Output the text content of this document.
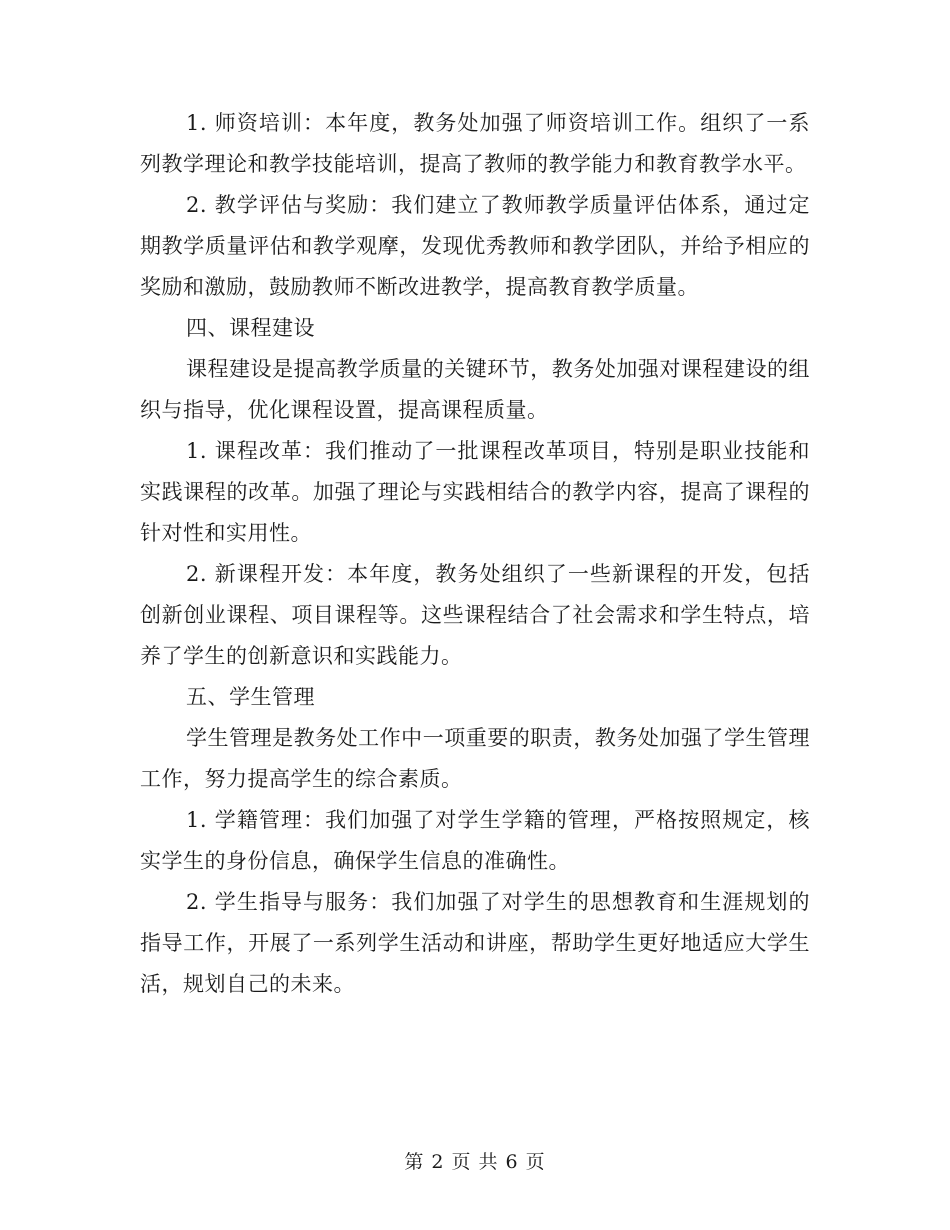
1. 师资培训：本年度，教务处加强了师资培训工作。组织了一系列教学理论和教学技能培训，提高了教师的教学能力和教育教学水平。

2. 教学评估与奖励：我们建立了教师教学质量评估体系，通过定期教学质量评估和教学观摩，发现优秀教师和教学团队，并给予相应的奖励和激励，鼓励教师不断改进教学，提高教育教学质量。

四、课程建设

课程建设是提高教学质量的关键环节，教务处加强对课程建设的组织与指导，优化课程设置，提高课程质量。

1. 课程改革：我们推动了一批课程改革项目，特别是职业技能和实践课程的改革。加强了理论与实践相结合的教学内容，提高了课程的针对性和实用性。

2. 新课程开发：本年度，教务处组织了一些新课程的开发，包括创新创业课程、项目课程等。这些课程结合了社会需求和学生特点，培养了学生的创新意识和实践能力。

五、学生管理

学生管理是教务处工作中一项重要的职责，教务处加强了学生管理工作，努力提高学生的综合素质。

1. 学籍管理：我们加强了对学生学籍的管理，严格按照规定，核实学生的身份信息，确保学生信息的准确性。

2. 学生指导与服务：我们加强了对学生的思想教育和生涯规划的指导工作，开展了一系列学生活动和讲座，帮助学生更好地适应大学生活，规划自己的未来。

第 2 页 共 6 页
